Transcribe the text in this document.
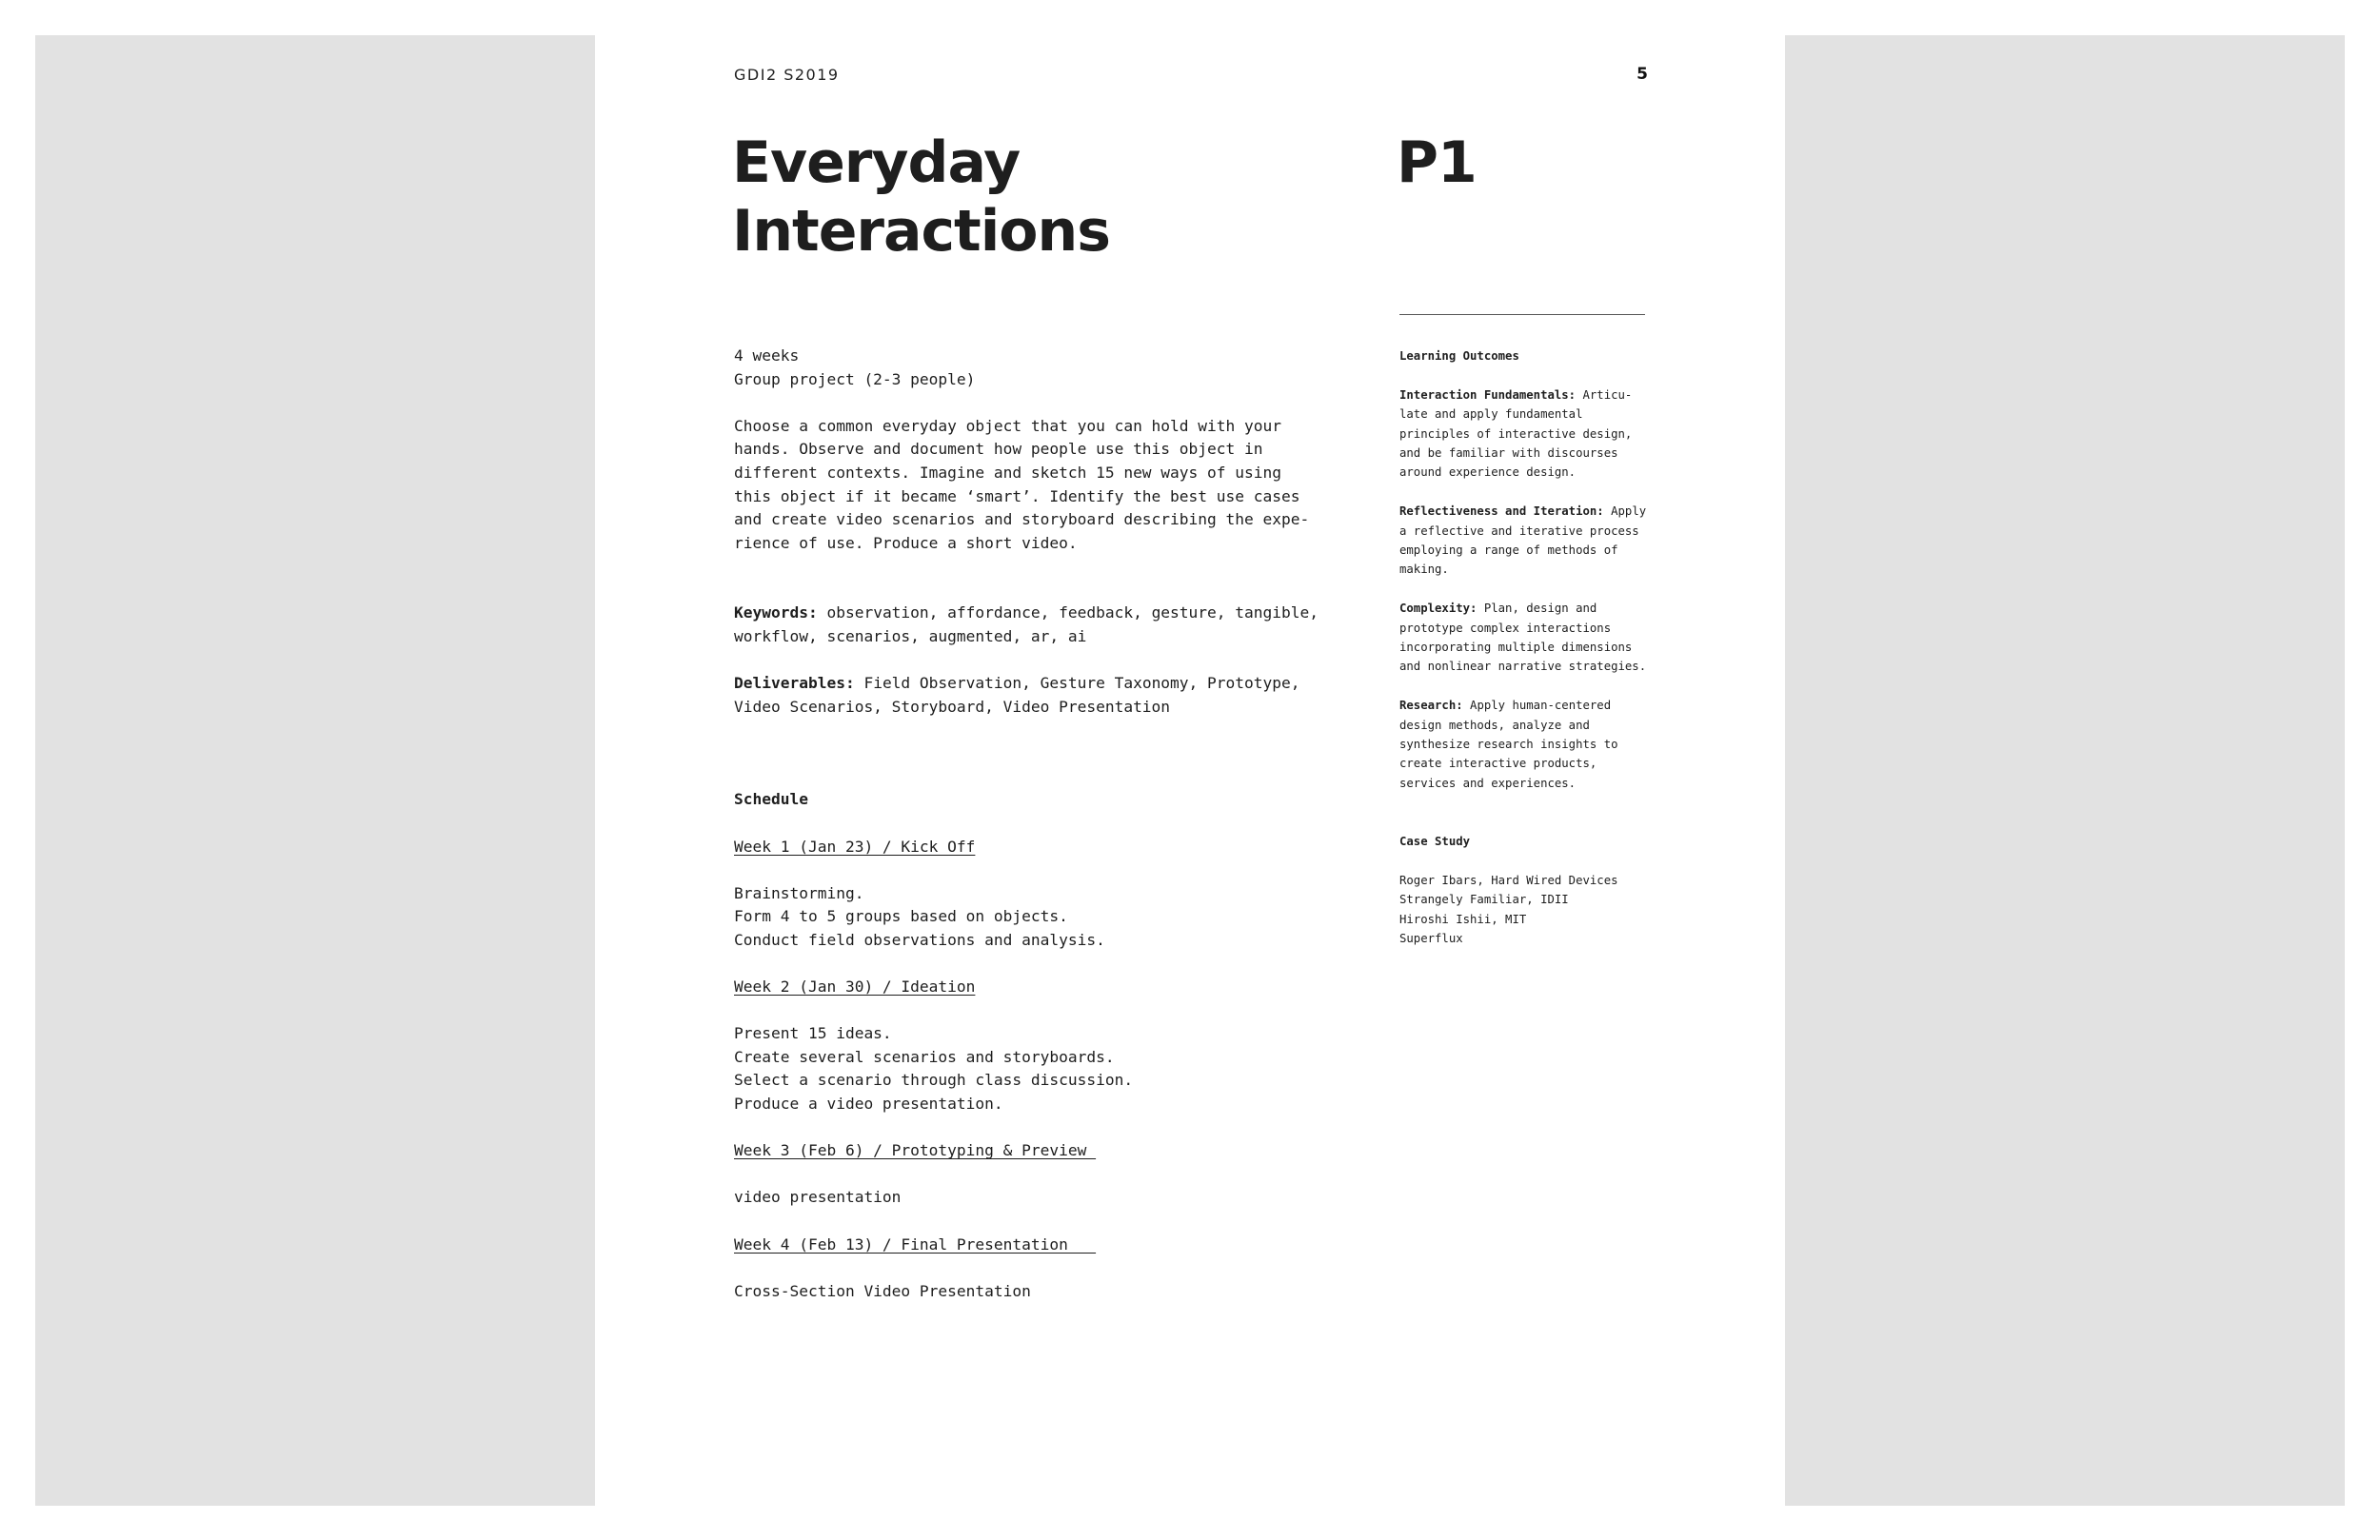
GDI2 S2019	5
Everyday
Interactions
P1

4 weeks

Group project (2-3 people)

Choose a common everyday object that you can hold with your

hands. Observe and document how people use this object in

different contexts. Imagine and sketch 15 new ways of using

this object if it became ‘smart’. Identify the best use cases

and create video scenarios and storyboard describing the expe-

rience of use. Produce a short video.

Keywords: observation, affordance, feedback, gesture, tangible,

workflow, scenarios, augmented, ar, ai

Deliverables: Field Observation, Gesture Taxonomy, Prototype,

Video Scenarios, Storyboard, Video Presentation

Schedule

Week 1 (Jan 23) / Kick Off

Brainstorming.

Form 4 to 5 groups based on objects.

Conduct field observations and analysis.

Week 2 (Jan 30) / Ideation

Present 15 ideas.

Create several scenarios and storyboards.

Select a scenario through class discussion.

Produce a video presentation.

Week 3 (Feb 6) / Prototyping & Preview

video presentation

Week 4 (Feb 13) / Final Presentation

Cross-Section Video Presentation

Learning Outcomes

Interaction Fundamentals: Articu-

late and apply fundamental

principles of interactive design,

and be familiar with discourses

around experience design.

Reflectiveness and Iteration: Apply

a reflective and iterative process

employing a range of methods of

making.

Complexity: Plan, design and

prototype complex interactions

incorporating multiple dimensions

and nonlinear narrative strategies.

Research: Apply human-centered

design methods, analyze and

synthesize research insights to

create interactive products,

services and experiences.

Case Study

Roger Ibars, Hard Wired Devices

Strangely Familiar, IDII

Hiroshi Ishii, MIT

Superflux
